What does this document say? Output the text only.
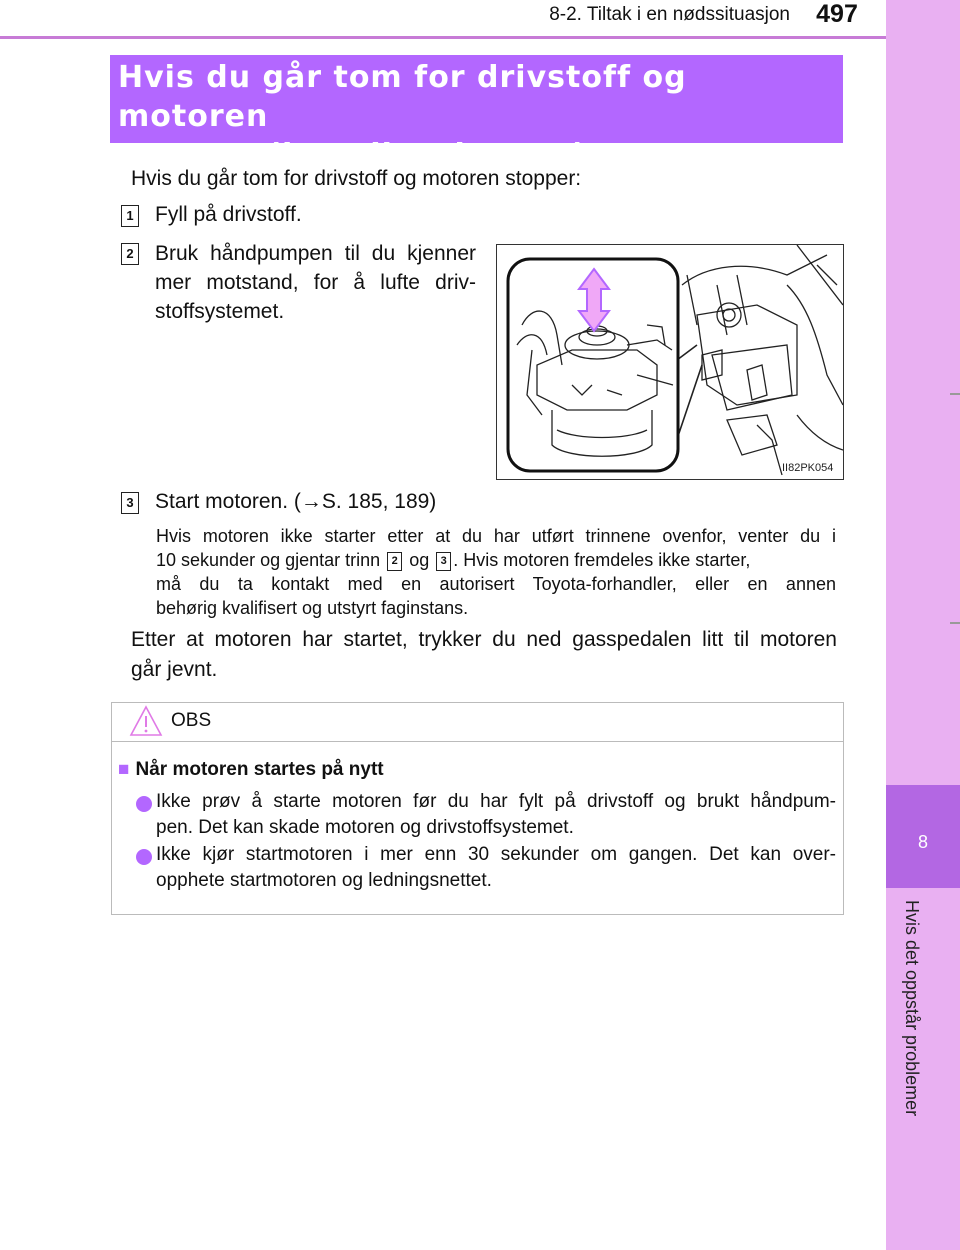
8-2. Tiltak i en nødssituasjon	497
8
Hvis det oppstår problemer
Hvis du går tom for drivstoff og motoren
stopper (kun dieselmotor)
Hvis du går tom for drivstoff og motoren stopper:
1 Fyll på drivstoff.
2 Bruk håndpumpen til du kjenner
mer motstand, for å lufte driv-
stoffsystemet.
II82PK054
3 Start motoren. (→S. 185, 189)
Hvis motoren ikke starter etter at du har utført trinnene ovenfor, venter du i
10 sekunder og gjentar trinn 2 og 3 . Hvis motoren fremdeles ikke starter,
må du ta kontakt med en autorisert Toyota-forhandler, eller en annen
behørig kvalifisert og utstyrt faginstans.
Etter at motoren har startet, trykker du ned gasspedalen litt til motoren
går jevnt.
OBS
■ Når motoren startes på nytt
Ikke prøv å starte motoren før du har fylt på drivstoff og brukt håndpum-
pen. Det kan skade motoren og drivstoffsystemet.
Ikke kjør startmotoren i mer enn 30 sekunder om gangen. Det kan over-
opphete startmotoren og ledningsnettet.
